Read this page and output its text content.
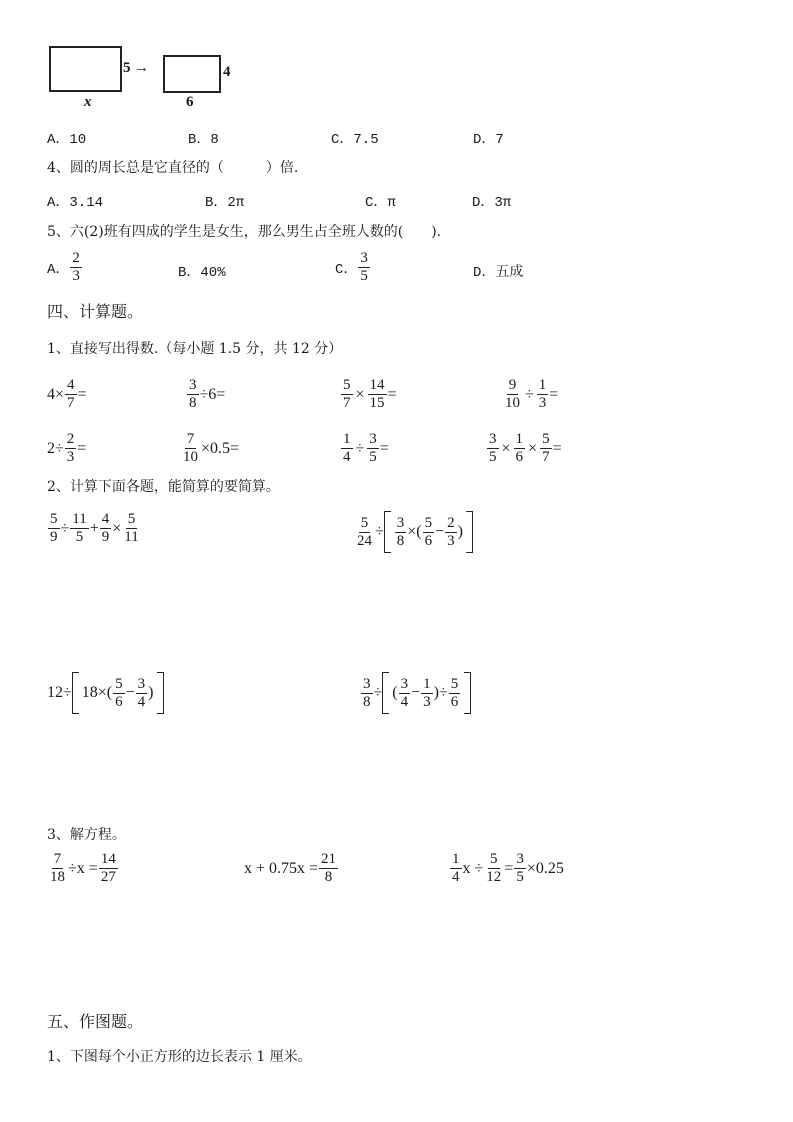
5 →
x
4
6
A．10	B．8	C．7.5	D．7
4、圆的周长总是它直径的（　　　）倍.
A．3.14	B．2π	C．π	D．3π
5、六(2)班有四成的学生是女生，那么男生占全班人数的(　　).
A． $\frac{2}{3}$	B．40%	C． $\frac{3}{5}$	D．五成
四、计算题。
1、直接写出得数.（每小题 1.5 分，共 12 分）
$4\times \frac{4}{7}$ =	$\frac{3}{8} \div 6=$	$\frac{5}{7} \times \frac{14}{15}$ =	$\frac{9}{10} \div \frac{1}{3}$ =
$2\div \frac{2}{3}$ =	$\frac{7}{10} \times 0.5=$	$\frac{1}{4} \div \frac{3}{5}$ =	$\frac{3}{5} \times \frac{1}{6} \times \frac{5}{7}$ =
2、计算下面各题，能简算的要简算。
$\frac{5}{9} \div \frac{11}{5} + \frac{4}{9} \times \frac{5}{11}$	$\frac{5}{24} \div \frac{3}{8}$ ×( $\frac{5}{6} - \frac{2}{3}$ )
$12\div 18\times( \frac{5}{6} - \frac{3}{4}$ )	$\frac{3}{8}$ ÷ ( $\frac{3}{4} - \frac{1}{3}$ )÷ $\frac{5}{6}$
3、解方程。
$\frac{7}{18} \div x = \frac{14}{27}$	$x + 0.75x = \frac{21}{8}$	$\frac{1}{4}$ $x \div \frac{5}{12} = \frac{3}{5} \times 0.25$
五、作图题。
1、下图每个小正方形的边长表示 1 厘米。
